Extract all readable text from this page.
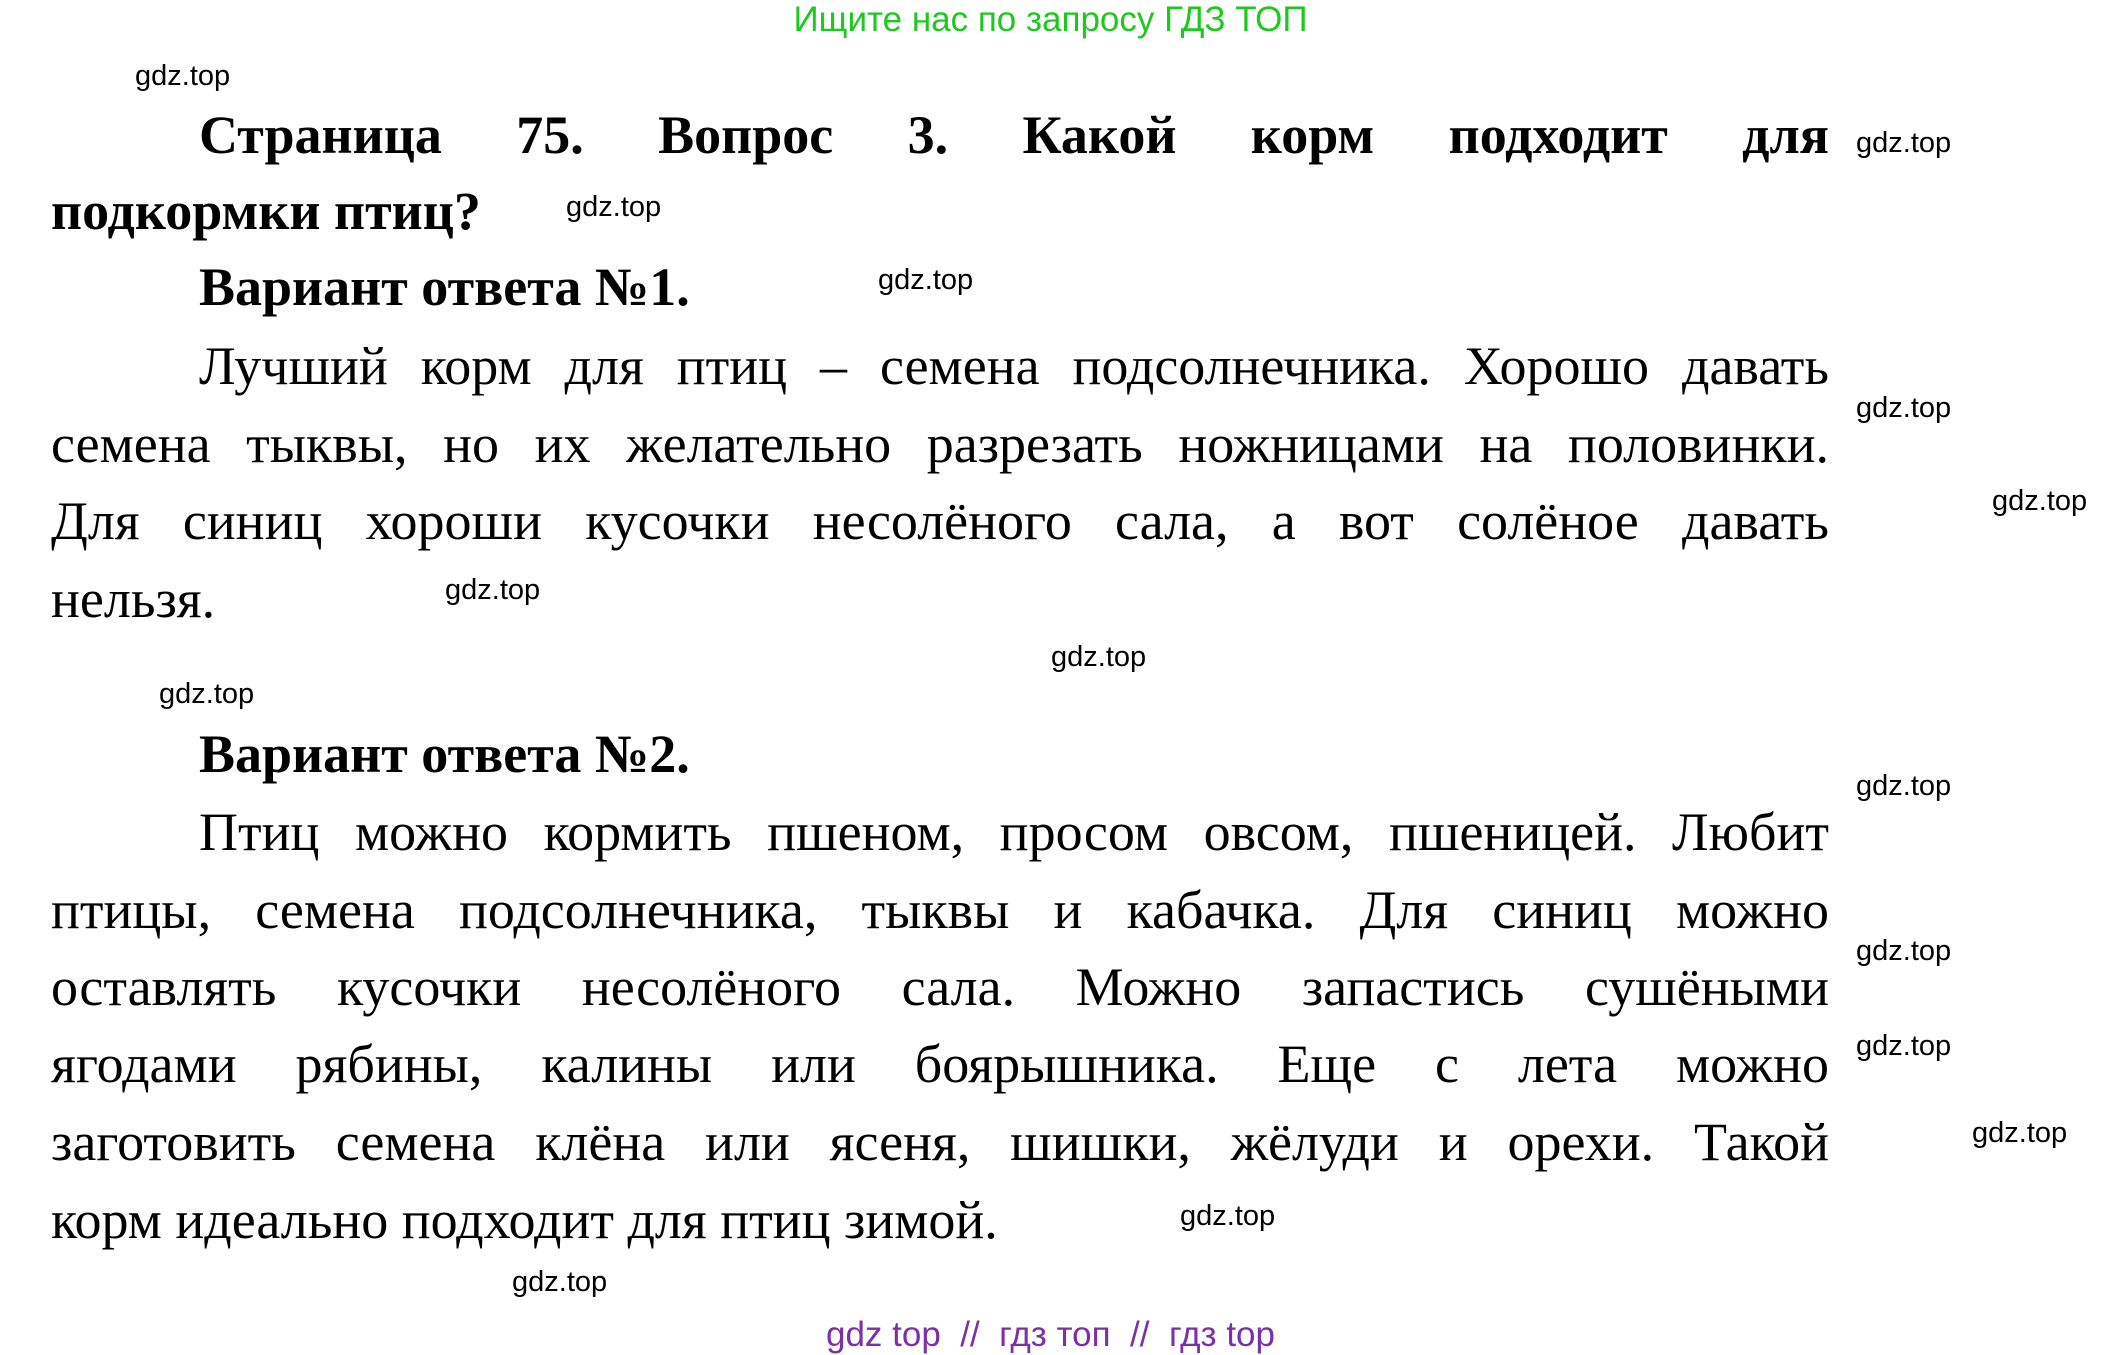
Ищите нас по запросу ГДЗ ТОП
Страница 75. Вопрос 3. Какой корм подходит для
подкормки птиц?
Вариант ответа №1.
Лучший корм для птиц – семена подсолнечника. Хорошо давать
семена тыквы, но их желательно разрезать ножницами на половинки.
Для синиц хороши кусочки несолёного сала, а вот солёное давать
нельзя.
Вариант ответа №2.
Птиц можно кормить пшеном, просом овсом, пшеницей. Любит
птицы, семена подсолнечника, тыквы и кабачка. Для синиц можно
оставлять кусочки несолёного сала. Можно запастись сушёными
ягодами рябины, калины или боярышника. Еще с лета можно
заготовить семена клёна или ясеня, шишки, жёлуди и орехи. Такой
корм идеально подходит для птиц зимой.
gdz.top
gdz.top
gdz.top
gdz.top
gdz.top
gdz.top
gdz.top
gdz.top
gdz.top
gdz.top
gdz.top
gdz.top
gdz.top
gdz.top
gdz.top
gdz top  //  гдз топ  //  гдз top
